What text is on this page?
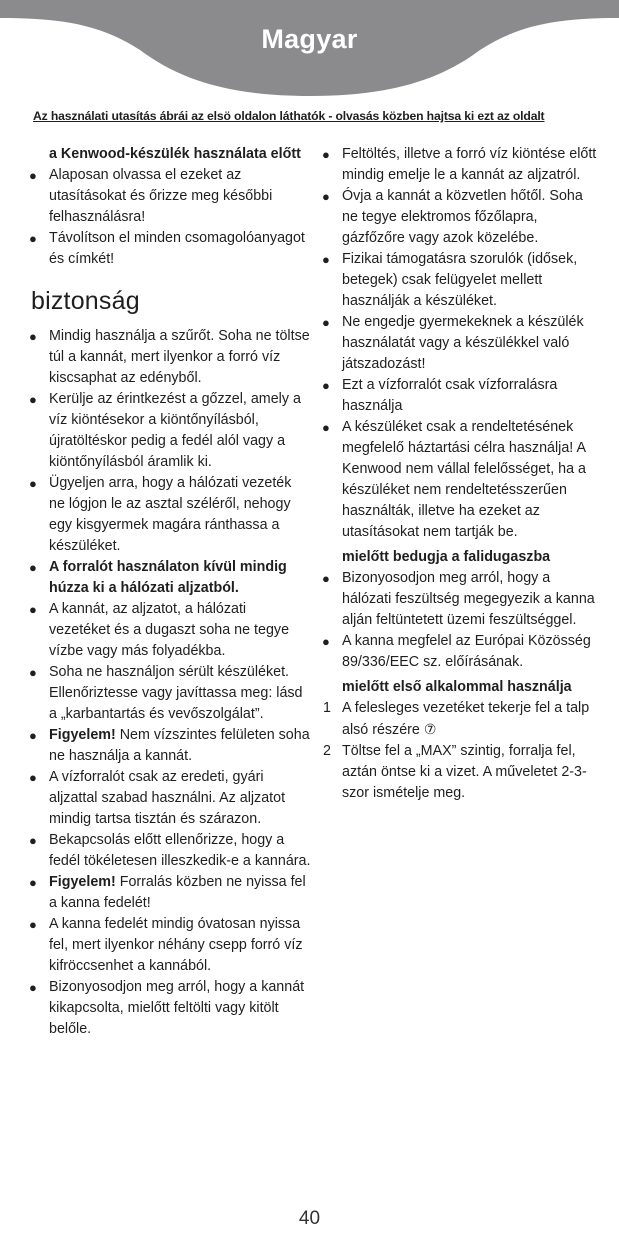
Magyar
Az használati utasítás ábrái az elsö oldalon láthatók - olvasás közben hajtsa ki ezt az oldalt

a Kenwood-készülék használata előtt

● Alaposan olvassa el ezeket az utasításokat és őrizze meg későbbi felhasználásra!

● Távolítson el minden csomagolóanyagot és címkét!

biztonság

● Mindig használja a szűrőt. Soha ne töltse túl a kannát, mert ilyenkor a forró víz kiscsaphat az edényből.

● Kerülje az érintkezést a gőzzel, amely a víz kiöntésekor a kiöntőnyílásból, újratöltéskor pedig a fedél alól vagy a kiöntőnyílásból áramlik ki.

● Ügyeljen arra, hogy a hálózati vezeték ne lógjon le az asztal széléről, nehogy egy kisgyermek magára ránthassa a készüléket.

● A forralót használaton kívül mindig húzza ki a hálózati aljzatból.

● A kannát, az aljzatot, a hálózati vezetéket és a dugaszt soha ne tegye vízbe vagy más folyadékba.

● Soha ne használjon sérült készüléket. Ellenőriztesse vagy javíttassa meg: lásd a „karbantartás és vevőszolgálat”.

● Figyelem! Nem vízszintes felületen soha ne használja a kannát.

● A vízforralót csak az eredeti, gyári aljzattal szabad használni. Az aljzatot mindig tartsa tisztán és szárazon.

● Bekapcsolás előtt ellenőrizze, hogy a fedél tökéletesen illeszkedik-e a kannára.

● Figyelem! Forralás közben ne nyissa fel a kanna fedelét!

● A kanna fedelét mindig óvatosan nyissa fel, mert ilyenkor néhány csepp forró víz kifröccsenhet a kannából.

● Bizonyosodjon meg arról, hogy a kannát kikapcsolta, mielőtt feltölti vagy kitölt belőle.

● Feltöltés, illetve a forró víz kiöntése előtt mindig emelje le a kannát az aljzatról.

● Óvja a kannát a közvetlen hőtől. Soha ne tegye elektromos főzőlapra, gázfőzőre vagy azok közelébe.

● Fizikai támogatásra szorulók (idősek, betegek) csak felügyelet mellett használják a készüléket.

● Ne engedje gyermekeknek a készülék használatát vagy a készülékkel való játszadozást!

● Ezt a vízforralót csak vízforralásra használja

● A készüléket csak a rendeltetésének megfelelő háztartási célra használja! A Kenwood nem vállal felelősséget, ha a készüléket nem rendeltetésszerűen használták, illetve ha ezeket az utasításokat nem tartják be.

mielőtt bedugja a falidugaszba

● Bizonyosodjon meg arról, hogy a hálózati feszültség megegyezik a kanna alján feltüntetett üzemi feszültséggel.

● A kanna megfelel az Európai Közösség 89/336/EEC sz. előírásának.

mielőtt első alkalommal használja

1 A felesleges vezetéket tekerje fel a talp alsó részére ⑦

2 Töltse fel a „MAX” szintig, forralja fel, aztán öntse ki a vizet. A műveletet 2-3-szor ismételje meg.

40
